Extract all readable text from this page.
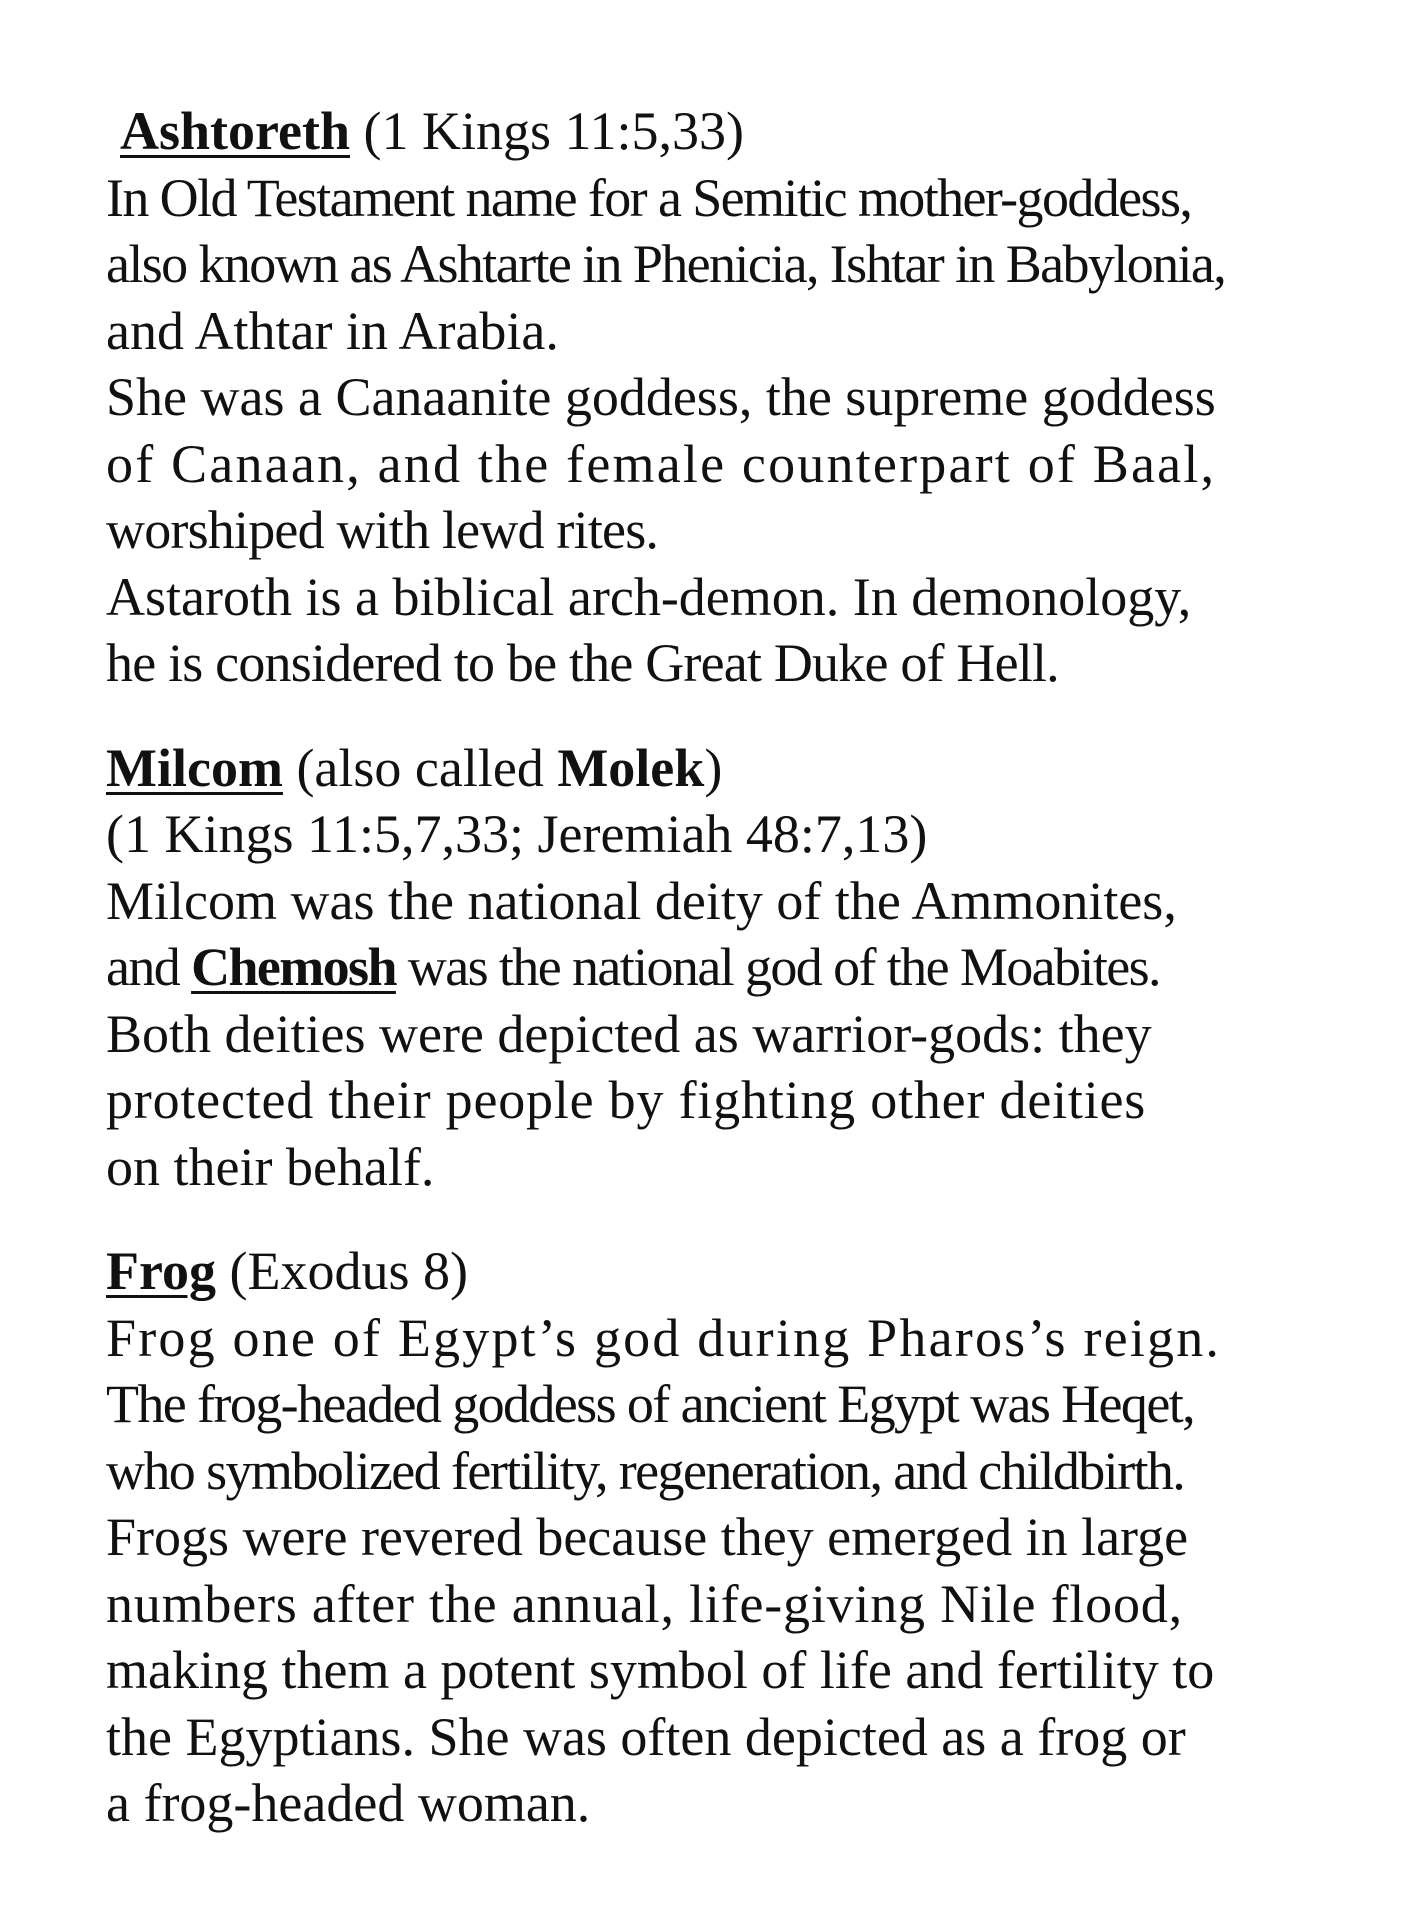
Ashtoreth (1 Kings 11:5,33)
In Old Testament name for a Semitic mother-goddess,
also known as Ashtarte in Phenicia, Ishtar in Babylonia,
and Athtar in Arabia.
She was a Canaanite goddess, the supreme goddess
of Canaan, and the female counterpart of Baal,
worshiped with lewd rites.
Astaroth is a biblical arch-demon. In demonology,
he is considered to be the Great Duke of Hell.
Milcom (also called Molek)
(1 Kings 11:5,7,33; Jeremiah 48:7,13)
Milcom was the national deity of the Ammonites,
and Chemosh was the national god of the Moabites.
Both deities were depicted as warrior-gods: they
protected their people by fighting other deities
on their behalf.
Frog (Exodus 8)
Frog one of Egypt’s god during Pharos’s reign.
The frog-headed goddess of ancient Egypt was Heqet,
who symbolized fertility, regeneration, and childbirth.
Frogs were revered because they emerged in large
numbers after the annual, life-giving Nile flood,
making them a potent symbol of life and fertility to
the Egyptians. She was often depicted as a frog or
a frog-headed woman.
